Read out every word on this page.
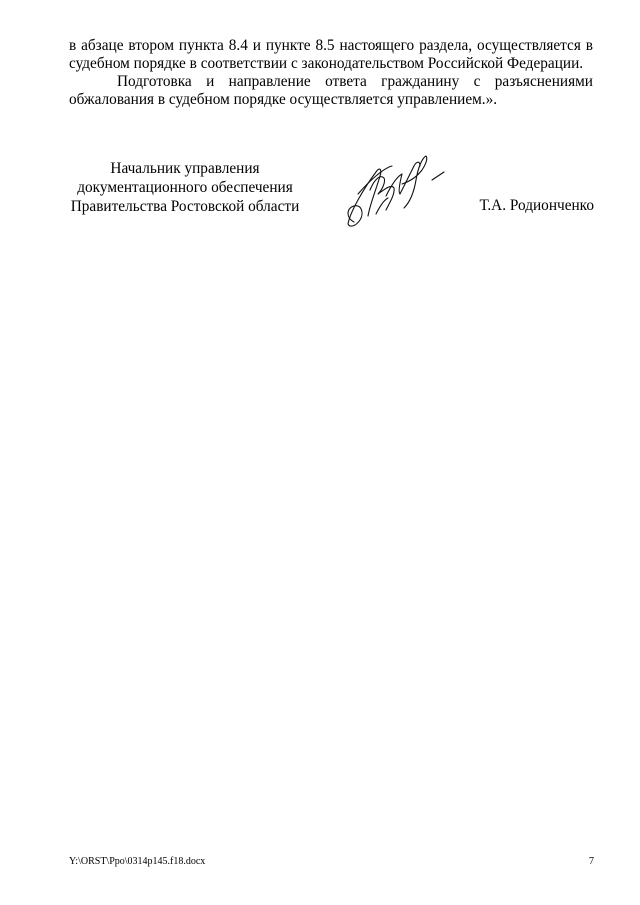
в абзаце втором пункта 8.4 и пункте 8.5 настоящего раздела, осуществляется в судебном порядке в соответствии с законодательством Российской Федерации.

Подготовка и направление ответа гражданину с разъяснениями обжалования в судебном порядке осуществляется управлением.».

Начальник управления
документационного обеспечения
Правительства Ростовской области	Т.А. Родионченко
Y:\ORST\Ppo\0314p145.f18.docx	7
